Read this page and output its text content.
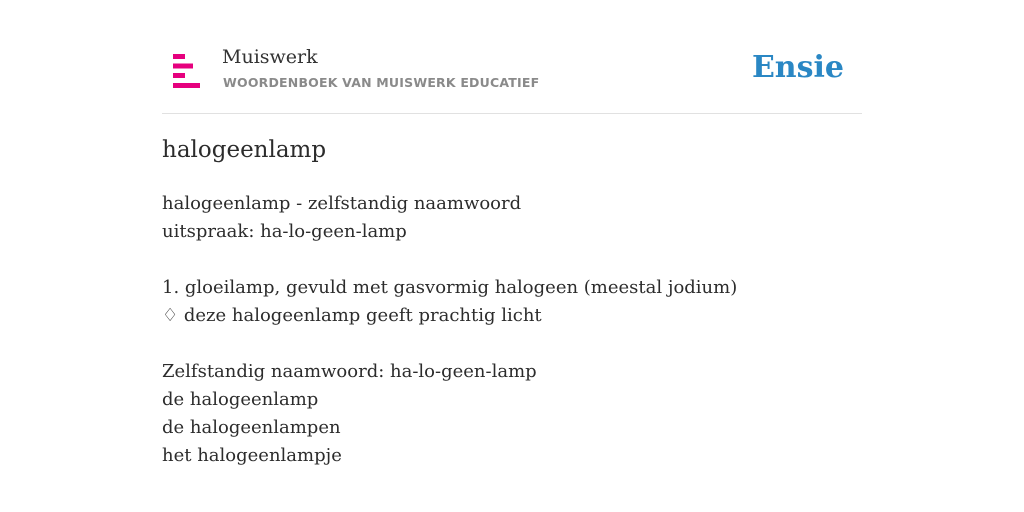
Muiswerk
WOORDENBOEK VAN MUISWERK EDUCATIEF	Ensie
halogeenlamp
halogeenlamp - zelfstandig naamwoord
uitspraak: ha-lo-geen-lamp
1. gloeilamp, gevuld met gasvormig halogeen (meestal jodium)
♢ deze halogeenlamp geeft prachtig licht
Zelfstandig naamwoord: ha-lo-geen-lamp
de halogeenlamp
de halogeenlampen
het halogeenlampje
